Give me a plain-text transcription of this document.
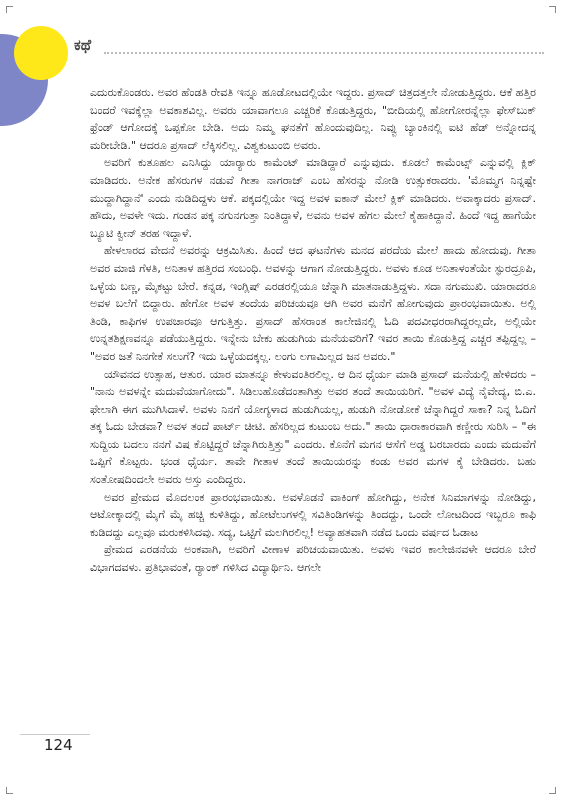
ಕಥೆ

ಎದುರುಕೊಂಡರು. ಅವರ ಹೆಂಡತಿ ರೇವತಿ ಇನ್ನೂ ಹೂಡೋಟದಲ್ಲಿಯೇ ಇದ್ದರು. ಪ್ರಸಾದ್ ಚಿತ್ರದತ್ತಲೇ ನೋಡುತ್ತಿದ್ದರು. ಆಕೆ ಹತ್ತಿರ ಬಂದರೆ ಇವಕ್ಕೆಲ್ಲಾ ಅವಕಾಶವಿಲ್ಲ. ಅವರು ಯಾವಾಗಲೂ ಎಚ್ಚರಿಕೆ ಕೊಡುತ್ತಿದ್ದರು, "ಬೀದಿಯಲ್ಲಿ ಹೋಗೋರನ್ನೆಲ್ಲಾ ಫೇಸ್‌ಬುಕ್ ಫ್ರೆಂಡ್ ಆಗೋದಕ್ಕೆ ಒಪ್ಪಕೋ ಬೇಡಿ. ಅದು ನಿಮ್ಮ ಘನತೆಗೆ ಹೊಂದುವುದಿಲ್ಲ. ನಿವ್ವು ಬ್ಯಾಂಕಿನಲ್ಲಿ ಐಟಿ ಹೆಡ್ ಅನ್ನೋದನ್ನ ಮರೀಬೇಡಿ." ಆದರೂ ಪ್ರಸಾದ್ ಲೆಕ್ಕಿಸಲಿಲ್ಲ. ವಿಶ್ವಕುಟುಂಬಿ ಅವರು.

ಅವರಿಗೆ ಕುತೂಹಲ ಎನಿಸಿದ್ದು ಯಾರ್‍ಯಾರು ಕಾಮೆಂಟ್ ಮಾಡಿದ್ದಾರೆ ಎನ್ನುವುದು. ಕೂಡಲೆ ಕಾಮೆಂಟ್ಸ್ ಎನ್ನುವಲ್ಲಿ ಕ್ಲಿಕ್ ಮಾಡಿದರು. ಅನೇಕ ಹೆಸರುಗಳ ನಡುವೆ ಗೀತಾ ನಾಗರಾಜ್ ಎಂಬ ಹೆಸರನ್ನು ನೋಡಿ ಉತ್ಸುಕರಾದರು. 'ಮೊಮ್ಮಗ ನಿನ್ನಷ್ಟೇ ಮುದ್ದಾಗಿದ್ದಾನೆ' ಎಂದು ನುಡಿದಿದ್ದಳು ಆಕೆ. ಪಕ್ಕದಲ್ಲಿಯೇ ಇದ್ದ ಅವಳ ಐಕಾನ್ ಮೇಲೆ ಕ್ಲಿಕ್ ಮಾಡಿದರು. ಅವಾಕ್ಕಾದರು ಪ್ರಸಾದ್. ಹೌದು, ಅವಳೇ ಇದು. ಗಂಡನ ಪಕ್ಕ ನಗುನಗುತ್ತಾ ನಿಂತಿದ್ದಾಳೆ, ಅವನು ಅವಳ ಹೆಗಲ ಮೇಲೆ ಕೈಹಾಕಿದ್ದಾನೆ. ಹಿಂದೆ ಇದ್ದ ಹಾಗೆಯೇ ಬ್ಯೂಟಿ ಕ್ವೀನ್ ತರಹ ಇದ್ದಾಳೆ.

ಹೇಳಲಾರದ ವೇದನೆ ಅವರನ್ನು ಆಕ್ರಮಿಸಿತು. ಹಿಂದೆ ಆದ ಘಟನೆಗಳು ಮನದ ಪರದೆಯ ಮೇಲೆ ಹಾದು ಹೋದುವು. ಗೀತಾ ಅವರ ಮಾಜಿ ಗೆಳತಿ, ಅನಿತಾಳ ಹತ್ತಿರದ ಸಂಬಂಧಿ. ಅವಳನ್ನು ಆಗಾಗ ನೋಡುತ್ತಿದ್ದರು. ಅವಳು ಕೂಡ ಅನಿತಾಳಂತೆಯೇ ಸ್ಫುರದ್ರೂಪಿ, ಒಳ್ಳೆಯ ಬಣ್ಣ, ಮೈಕಟ್ಟು ಬೇರೆ. ಕನ್ನಡ, ಇಂಗ್ಲಿಷ್ ಎರಡರಲ್ಲಿಯೂ ಚೆನ್ನಾಗಿ ಮಾತನಾಡುತ್ತಿದ್ದಳು. ಸದಾ ನಗುಮುಖಿ. ಯಾರಾದರೂ ಅವಳ ಬಲೆಗೆ ಬಿದ್ದಾರು. ಹೇಗೋ ಅವಳ ತಂದೆಯ ಪರಿಚಯವೂ ಆಗಿ ಅವರ ಮನೆಗೆ ಹೋಗುವುದು ಪ್ರಾರಂಭವಾಯಿತು. ಅಲ್ಲಿ ತಿಂಡಿ, ಕಾಫಿಗಳ ಉಪಚಾರವೂ ಆಗುತ್ತಿತ್ತು. ಪ್ರಸಾದ್ ಹೆಸರಾಂತ ಕಾಲೇಜಿನಲ್ಲಿ ಓದಿ ಪದವೀಧರರಾಗಿದ್ದರಲ್ಲದೇ, ಅಲ್ಲಿಯೇ ಉನ್ನತಶಿಕ್ಷಣವನ್ನೂ ಪಡೆಯುತ್ತಿದ್ದರು. ಇನ್ನೇನು ಬೇಕು ಹುಡುಗಿಯ ಮನೆಯವರಿಗೆ? ಇವರ ತಾಯಿ ಕೊಡುತ್ತಿದ್ದ ಎಚ್ಚರ ತಪ್ಪಿದ್ದಲ್ಲ – "ಅವರ ಜತೆ ನಿನಗೇಕೆ ಸಲುಗೆ? ಇದು ಒಳ್ಳೆಯದಕ್ಕಲ್ಲ. ಲಂಗು ಲಗಾಮಿಲ್ಲದ ಜನ ಅವರು."

ಯೌವನದ ಉತ್ಸಾಹ, ಆತುರ. ಯಾರ ಮಾತನ್ನೂ ಕೇಳುವಂತಿರಲಿಲ್ಲ. ಆ ದಿನ ಧೈರ್ಯ ಮಾಡಿ ಪ್ರಸಾದ್ ಮನೆಯಲ್ಲಿ ಹೇಳಿದರು – "ನಾನು ಅವಳನ್ನೇ ಮದುವೆಯಾಗೋದು". ಸಿಡಿಲುಹೊಡೆದಂತಾಗಿತ್ತು ಅವರ ತಂದೆ ತಾಯಿಯರಿಗೆ. "ಅವಳ ವಿದ್ಯೆ ನೈವೇದ್ಯ, ಬಿ.ಎ. ಫೇಲಾಗಿ ಈಗ ಮುಗಿಸಿದಾಳೆ. ಅವಳು ನಿನಗೆ ಯೋಗ್ಯಳಾದ ಹುಡುಗಿಯಲ್ಲ, ಹುಡುಗಿ ನೋಡೋಕೆ ಚೆನ್ನಾಗಿದ್ದರೆ ಸಾಕಾ? ನಿನ್ನ ಓದಿಗೆ ತಕ್ಕ ಓದು ಬೇಡವಾ? ಅವಳ ತಂದೆ ಪಾರ್ಟ್ ಚೀಟಿ. ಹೆಸರಿಲ್ಲದ ಕುಟುಂಬ ಅದು." ತಾಯಿ ಧಾರಾಕಾರವಾಗಿ ಕಣ್ಣೀರು ಸುರಿಸಿ – "ಈ ಸುದ್ದಿಯ ಬದಲು ನನಗೆ ವಿಷ ಕೊಟ್ಟಿದ್ದರೆ ಚೆನ್ನಾಗಿರುತ್ತಿತ್ತು" ಎಂದರು. ಕೊನೆಗೆ ಮಗನ ಆಸೆಗೆ ಅಡ್ಡ ಬರಬಾರದು ಎಂದು ಮದುವೆಗೆ ಒಪ್ಪಿಗೆ ಕೊಟ್ಟರು. ಭಂಡ ಧೈರ್ಯ. ತಾವೇ ಗೀತಾಳ ತಂದೆ ತಾಯಿಯರನ್ನು ಕಂಡು ಅವರ ಮಗಳ ಕೈ ಬೇಡಿದರು. ಬಹು ಸಂತೋಷದಿಂದಲೇ ಅವರು ಅಸ್ತು ಎಂದಿದ್ದರು.

ಅವರ ಪ್ರೇಮದ ಮೊದಲಂಕ ಪ್ರಾರಂಭವಾಯಿತು. ಅವಳೊಡನೆ ವಾಕಿಂಗ್ ಹೋಗಿದ್ದು, ಅನೇಕ ಸಿನಿಮಾಗಳನ್ನು ನೋಡಿದ್ದು, ಆಟೋಕ್ಕಾದಲ್ಲಿ ಮೈಗೆ ಮೈ ಹಚ್ಚಿ ಕುಳಿತಿದ್ದು, ಹೋಟೆಲುಗಳಲ್ಲಿ ಸವಿತಿಂಡಿಗಳನ್ನು ತಿಂದದ್ದು, ಒಂದೇ ಲೋಟದಿಂದ ಇಬ್ಬರೂ ಕಾಫಿ ಕುಡಿದದ್ದು ಎಲ್ಲವೂ ಮರುಕಳಿಸಿದವು. ಸದ್ಯ, ಒಟ್ಟಿಗೆ ಮಲಗಿರಲಿಲ್ಲ! ಅವ್ಯಾಹತವಾಗಿ ನಡೆದ ಒಂದು ವರ್ಷದ ಓಡಾಟ

ಪ್ರೇಮದ ಎರಡನೆಯ ಅಂಕವಾಗಿ, ಅವರಿಗೆ ವೀಣಾಳ ಪರಿಚಯವಾಯಿತು. ಅವಳು ಇವರ ಕಾಲೇಜಿನವಳೇ ಆದರೂ ಬೇರೆ ವಿಭಾಗದವಳು. ಪ್ರತಿಭಾವಂತೆ, ರ್‍ಯಾಂಕ್ ಗಳಿಸಿದ ವಿದ್ಯಾರ್ಥಿನಿ. ಆಗಲೇ

124
